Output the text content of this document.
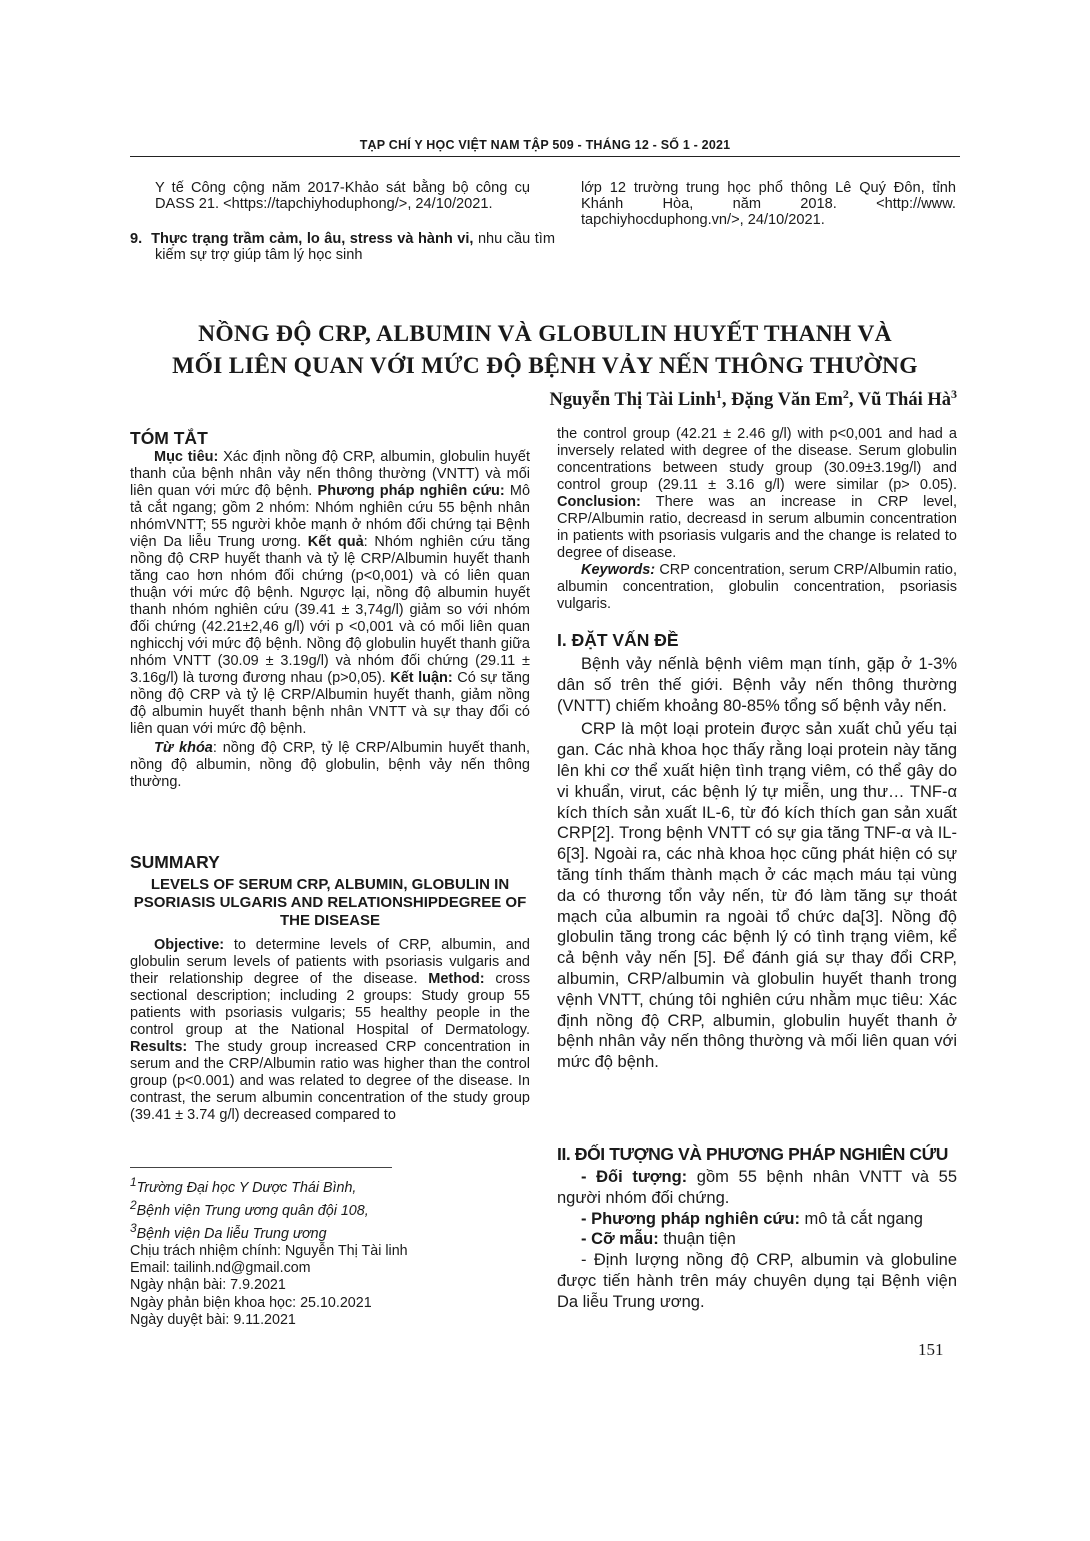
TẠP CHÍ Y HỌC VIỆT NAM TẬP 509 - THÁNG 12 - SỐ 1 - 2021
Y tế Công cộng năm 2017-Khảo sát bằng bộ công cụ DASS 21. <https://tapchiyhoduphong/>, 24/10/2021.
9. Thực trạng trầm cảm, lo âu, stress và hành vi, nhu cầu tìm kiếm sự trợ giúp tâm lý học sinh
lớp 12 trường trung học phổ thông Lê Quý Đôn, tỉnh Khánh Hòa, năm 2018. <http://www. tapchiyhocduphong.vn/>, 24/10/2021.
NỒNG ĐỘ CRP, ALBUMIN VÀ GLOBULIN HUYẾT THANH VÀ
MỐI LIÊN QUAN VỚI MỨC ĐỘ BỆNH VẢY NẾN THÔNG THƯỜNG
Nguyễn Thị Tài Linh$^1$, Đặng Văn Em$^2$, Vũ Thái $Hà^3$
TÓM TẮT
Mục tiêu: Xác định nồng độ CRP, albumin, globulin huyết thanh của bệnh nhân vảy nến thông thường (VNTT) và mối liên quan với mức độ bệnh. Phương pháp nghiên cứu: Mô tả cắt ngang; gồm 2 nhóm: Nhóm nghiên cứu 55 bệnh nhân nhómVNTT; 55 người khỏe mạnh ở nhóm đối chứng tại Bệnh viện Da liễu Trung ương. Kết quả: Nhóm nghiên cứu tăng nồng độ CRP huyết thanh và tỷ lệ CRP/Albumin huyết thanh tăng cao hơn nhóm đối chứng (p<0,001) và có liên quan thuận với mức độ bệnh. Ngược lại, nồng độ albumin huyết thanh nhóm nghiên cứu (39.41 ± 3,74g/l) giảm so với nhóm đối chứng (42.21±2,46 g/l) với p <0,001 và có mối liên quan nghicchj với mức độ bệnh. Nồng độ globulin huyết thanh giữa nhóm VNTT (30.09 ± 3.19g/l) và nhóm đối chứng (29.11 ± 3.16g/l) là tương đương nhau (p>0,05). Kết luận: Có sự tăng nồng độ CRP và tỷ lệ CRP/Albumin huyết thanh, giảm nồng độ albumin huyết thanh bệnh nhân VNTT và sự thay đổi có liên quan với mức độ bệnh.
Từ khóa: nồng độ CRP, tỷ lệ CRP/Albumin huyết thanh, nồng độ albumin, nồng độ globulin, bệnh vảy nến thông thường.
SUMMARY
LEVELS OF SERUM CRP, ALBUMIN, GLOBULIN IN PSORIASIS ULGARIS AND RELATIONSHIPDEGREE OF THE DISEASE
Objective: to determine levels of CRP, albumin, and globulin serum levels of patients with psoriasis vulgaris and their relationship degree of the disease. Method: cross sectional description; including 2 groups: Study group 55 patients with psoriasis vulgaris; 55 healthy people in the control group at the National Hospital of Dermatology. Results: The study group increased CRP concentration in serum and the CRP/Albumin ratio was higher than the control group (p<0.001) and was related to degree of the disease. In contrast, the serum albumin concentration of the study group (39.41 ± 3.74 g/l) decreased compared to
$^1$Trường Đại học Y Dược Thái Bình,
$^2$Bệnh viện Trung ương quân đội 108,
$^3$Bệnh viện Da liễu Trung ương
Chịu trách nhiệm chính: Nguyễn Thị Tài linh
Email: tailinh.nd@gmail.com
Ngày nhận bài: 7.9.2021
Ngày phản biện khoa học: 25.10.2021
Ngày duyệt bài: 9.11.2021
the control group (42.21 ± 2.46 g/l) with p<0,001 and had a inversely related with degree of the disease. Serum globulin concentrations between study group (30.09±3.19g/l) and control group (29.11 ± 3.16 g/l) were similar (p> 0.05). Conclusion: There was an increase in CRP level, CRP/Albumin ratio, decreasd in serum albumin concentration in patients with psoriasis vulgaris and the change is related to degree of disease.
Keywords: CRP concentration, serum CRP/Albumin ratio, albumin concentration, globulin concentration, psoriasis vulgaris.
I. ĐẶT VẤN ĐỀ
Bệnh vảy nếnlà bệnh viêm mạn tính, gặp ở 1-3% dân số trên thế giới. Bệnh vảy nến thông thường (VNTT) chiếm khoảng 80-85% tổng số bệnh vảy nến.
CRP là một loại protein được sản xuất chủ yếu tại gan. Các nhà khoa học thấy rằng loại protein này tăng lên khi cơ thể xuất hiện tình trạng viêm, có thể gây do vi khuẩn, virut, các bệnh lý tự miễn, ung thư… TNF-α kích thích sản xuất IL-6, từ đó kích thích gan sản xuất CRP[2]. Trong bệnh VNTT có sự gia tăng TNF-α và IL-6[3]. Ngoài ra, các nhà khoa học cũng phát hiện có sự tăng tính thấm thành mạch ở các mạch máu tại vùng da có thương tổn vảy nến, từ đó làm tăng sự thoát mạch của albumin ra ngoài tổ chức da[3]. Nồng độ globulin tăng trong các bệnh lý có tình trạng viêm, kể cả bệnh vảy nến [5]. Để đánh giá sự thay đổi CRP, albumin, CRP/albumin và globulin huyết thanh trong vệnh VNTT, chúng tôi nghiên cứu nhằm mục tiêu: Xác định nồng độ CRP, albumin, globulin huyết thanh ở bệnh nhân vảy nến thông thường và mối liên quan với mức độ bệnh.
II. ĐỐI TƯỢNG VÀ PHƯƠNG PHÁP NGHIÊN CỨU
- Đối tượng: gồm 55 bệnh nhân VNTT và 55 người nhóm đối chứng.
- Phương pháp nghiên cứu: mô tả cắt ngang
- Cỡ mẫu: thuận tiện
- Định lượng nồng độ CRP, albumin và globuline được tiến hành trên máy chuyên dụng tại Bệnh viện Da liễu Trung ương.
151
